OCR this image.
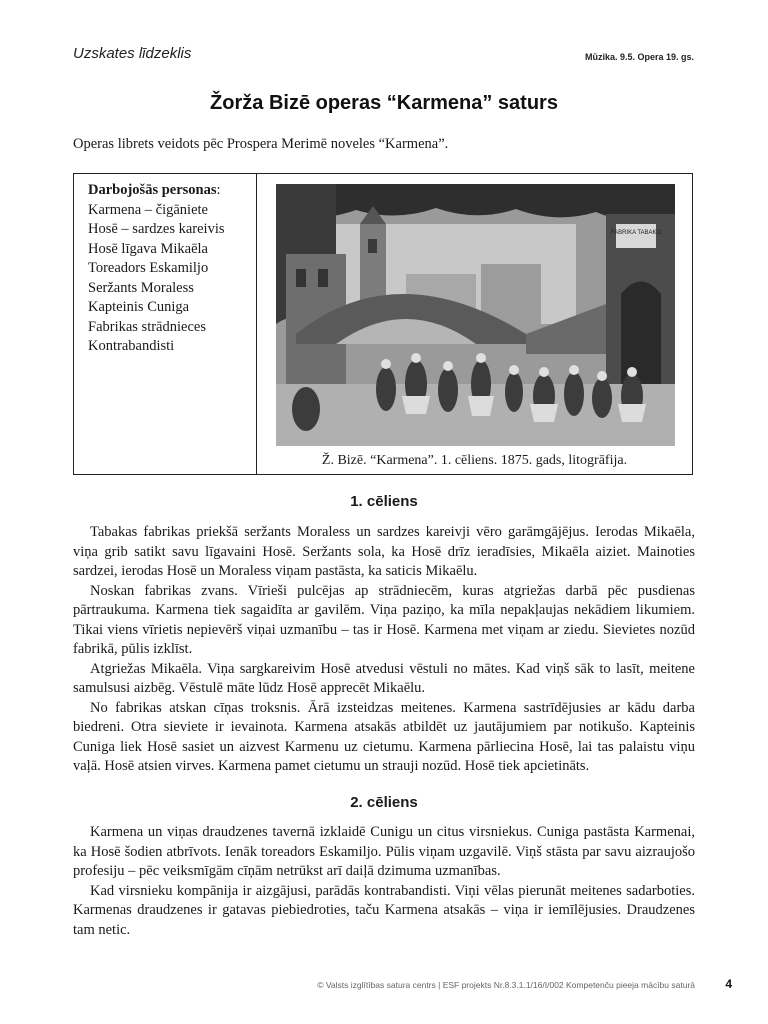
Uzskates līdzeklis	Mūzika. 9.5. Opera 19. gs.
Žorža Bizē operas “Karmena” saturs
Operas librets veidots pēc Prospera Merimē noveles “Karmena”.
Darbojošās personas:
Karmena – čigāniete
Hosē – sardzes kareivis
Hosē līgava Mikaēla
Toreadors Eskamiljo
Seržants Moraless
Kapteinis Cuniga
Fabrikas strādnieces
Kontrabandisti
FABRIKA TABAKO
Ž. Bizē. “Karmena”. 1. cēliens. 1875. gads, litogrāfija.
1. cēliens

Tabakas fabrikas priekšā seržants Moraless un sardzes kareivji vēro garāmgājējus. Ierodas Mikaēla, viņa grib satikt savu līgavaini Hosē. Seržants sola, ka Hosē drīz ieradīsies, Mikaēla aiziet. Mainoties sardzei, ierodas Hosē un Moraless viņam pastāsta, ka saticis Mikaēlu.

Noskan fabrikas zvans. Vīrieši pulcējas ap strādniecēm, kuras atgriežas darbā pēc pusdienas pārtraukuma. Karmena tiek sagaidīta ar gavilēm. Viņa paziņo, ka mīla nepakļaujas nekādiem likumiem. Tikai viens vīrietis nepievērš viņai uzmanību – tas ir Hosē. Karmena met viņam ar ziedu. Sievietes nozūd fabrikā, pūlis izklīst.

Atgriežas Mikaēla. Viņa sargkareivim Hosē atvedusi vēstuli no mātes. Kad viņš sāk to lasīt, meitene samulsusi aizbēg. Vēstulē māte lūdz Hosē apprecēt Mikaēlu.

No fabrikas atskan cīņas troksnis. Ārā izsteidzas meitenes. Karmena sastrīdējusies ar kādu darba biedreni. Otra sieviete ir ievainota. Karmena atsakās atbildēt uz jautājumiem par notikušo. Kapteinis Cuniga liek Hosē sasiet un aizvest Karmenu uz cietumu. Karmena pārliecina Hosē, lai tas palaistu viņu vaļā. Hosē atsien virves. Karmena pamet cietumu un strauji nozūd. Hosē tiek apcietināts.

2. cēliens

Karmena un viņas draudzenes tavernā izklaidē Cunigu un citus virsniekus. Cuniga pastāsta Karmenai, ka Hosē šodien atbrīvots. Ienāk toreadors Eskamiljo. Pūlis viņam uzgavilē. Viņš stāsta par savu aizraujošo profesiju – pēc veiksmīgām cīņām netrūkst arī daiļā dzimuma uzmanības.

Kad virsnieku kompānija ir aizgājusi, parādās kontrabandisti. Viņi vēlas pierunāt meitenes sadarboties. Karmenas draudzenes ir gatavas piebiedroties, taču Karmena atsakās – viņa ir iemīlējusies. Draudzenes tam netic.

© Valsts izglītības satura centrs | ESF projekts Nr.8.3.1.1/16/I/002 Kompetenču pieeja mācību saturā	4
